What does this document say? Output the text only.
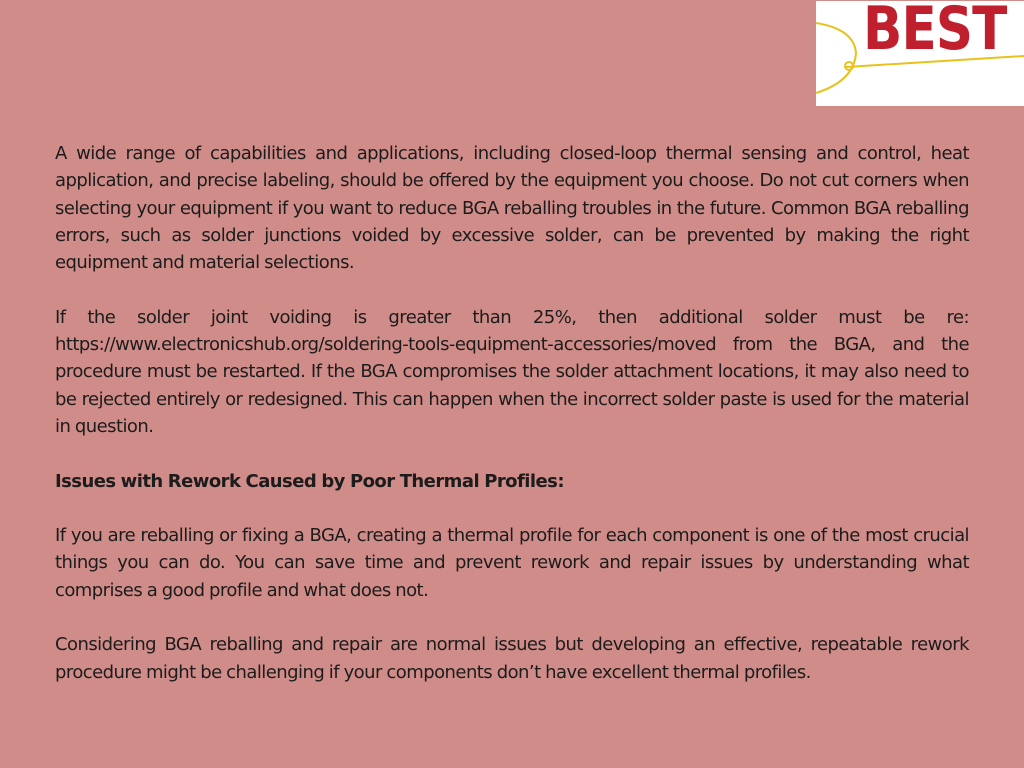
BEST

A wide range of capabilities and applications, including closed-loop thermal sensing and control, heat application, and precise labeling, should be offered by the equipment you choose. Do not cut corners when selecting your equipment if you want to reduce BGA reballing troubles in the future. Common BGA reballing errors, such as solder junctions voided by excessive solder, can be prevented by making the right equipment and material selections.

If the solder joint voiding is greater than 25%, then additional solder must be re: https://www.electronicshub.org/soldering-tools-equipment-accessories/moved from the BGA, and the procedure must be restarted. If the BGA compromises the solder attachment locations, it may also need to be rejected entirely or redesigned. This can happen when the incorrect solder paste is used for the material in question.

Issues with Rework Caused by Poor Thermal Profiles:

If you are reballing or fixing a BGA, creating a thermal profile for each component is one of the most crucial things you can do. You can save time and prevent rework and repair issues by understanding what comprises a good profile and what does not.

Considering BGA reballing and repair are normal issues but developing an effective, repeatable rework procedure might be challenging if your components don’t have excellent thermal profiles.
